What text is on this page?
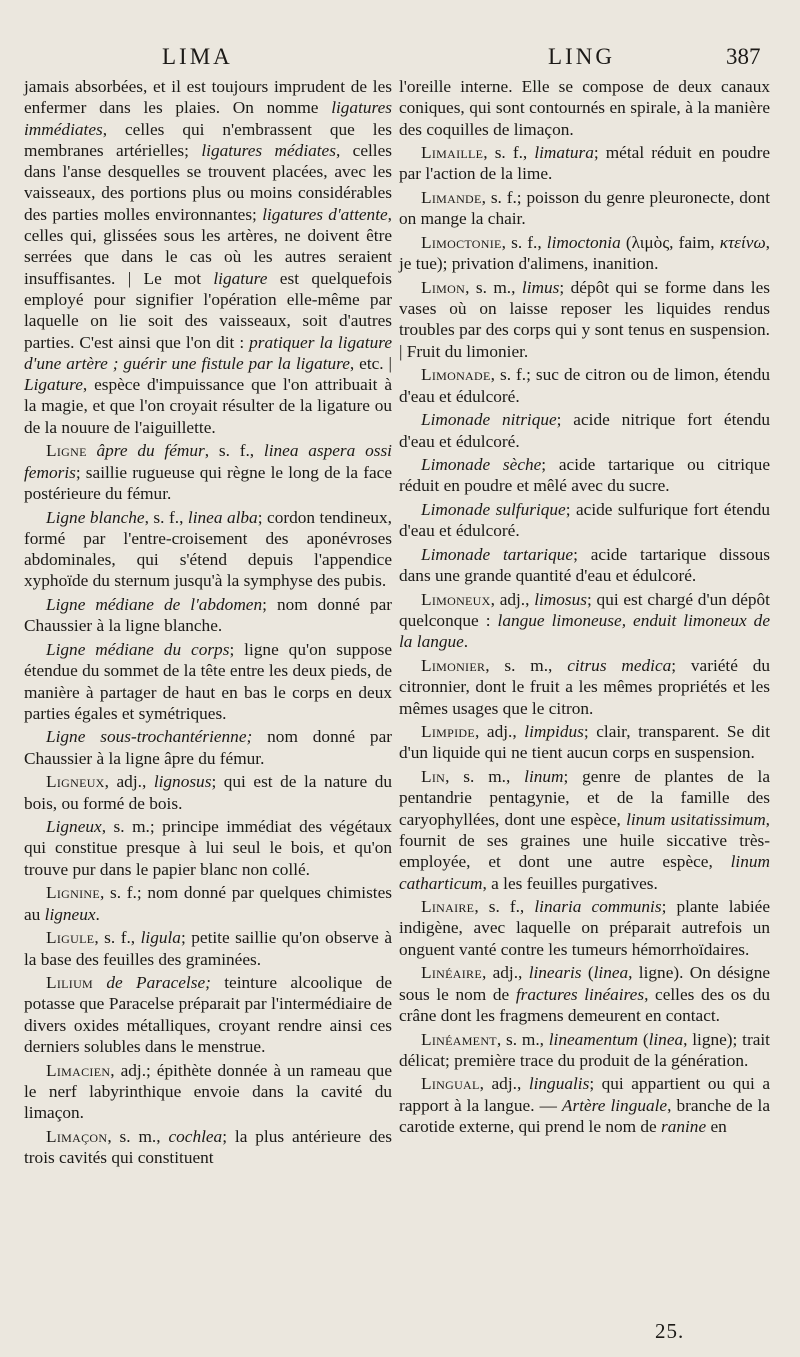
LIMA	LING	387

jamais absorbées, et il est toujours imprudent de les enfermer dans les plaies. On nomme ligatures immédiates, celles qui n'embrassent que les membranes artérielles; ligatures médiates, celles dans l'anse desquelles se trouvent placées, avec les vaisseaux, des portions plus ou moins considérables des parties molles environnantes; ligatures d'attente, celles qui, glissées sous les artères, ne doivent être serrées que dans le cas où les autres seraient insuffisantes. | Le mot ligature est quelquefois employé pour signifier l'opération elle-même par laquelle on lie soit des vaisseaux, soit d'autres parties. C'est ainsi que l'on dit : pratiquer la ligature d'une artère ; guérir une fistule par la ligature, etc. | Ligature, espèce d'impuissance que l'on attribuait à la magie, et que l'on croyait résulter de la ligature ou de la nouure de l'aiguillette.

Ligne âpre du fémur, s. f., linea aspera ossi femoris; saillie rugueuse qui règne le long de la face postérieure du fémur.

Ligne blanche, s. f., linea alba; cordon tendineux, formé par l'entre-croisement des aponévroses abdominales, qui s'étend depuis l'appendice xyphoïde du sternum jusqu'à la symphyse des pubis.

Ligne médiane de l'abdomen; nom donné par Chaussier à la ligne blanche.

Ligne médiane du corps; ligne qu'on suppose étendue du sommet de la tête entre les deux pieds, de manière à partager de haut en bas le corps en deux parties égales et symétriques.

Ligne sous-trochantérienne; nom donné par Chaussier à la ligne âpre du fémur.

Ligneux, adj., lignosus; qui est de la nature du bois, ou formé de bois.

Ligneux, s. m.; principe immédiat des végétaux qui constitue presque à lui seul le bois, et qu'on trouve pur dans le papier blanc non collé.

Lignine, s. f.; nom donné par quelques chimistes au ligneux.

Ligule, s. f., ligula; petite saillie qu'on observe à la base des feuilles des graminées.

Lilium de Paracelse; teinture alcoolique de potasse que Paracelse préparait par l'intermédiaire de divers oxides métalliques, croyant rendre ainsi ces derniers solubles dans le menstrue.

Limacien, adj.; épithète donnée à un rameau que le nerf labyrinthique envoie dans la cavité du limaçon.

Limaçon, s. m., cochlea; la plus antérieure des trois cavités qui constituent

l'oreille interne. Elle se compose de deux canaux coniques, qui sont contournés en spirale, à la manière des coquilles de limaçon.

Limaille, s. f., limatura; métal réduit en poudre par l'action de la lime.

Limande, s. f.; poisson du genre pleuronecte, dont on mange la chair.

Limoctonie, s. f., limoctonia (λιμὸς, faim, κτείνω, je tue); privation d'alimens, inanition.

Limon, s. m., limus; dépôt qui se forme dans les vases où on laisse reposer les liquides rendus troubles par des corps qui y sont tenus en suspension. | Fruit du limonier.

Limonade, s. f.; suc de citron ou de limon, étendu d'eau et édulcoré.

Limonade nitrique; acide nitrique fort étendu d'eau et édulcoré.

Limonade sèche; acide tartarique ou citrique réduit en poudre et mêlé avec du sucre.

Limonade sulfurique; acide sulfurique fort étendu d'eau et édulcoré.

Limonade tartarique; acide tartarique dissous dans une grande quantité d'eau et édulcoré.

Limoneux, adj., limosus; qui est chargé d'un dépôt quelconque : langue limoneuse, enduit limoneux de la langue.

Limonier, s. m., citrus medica; variété du citronnier, dont le fruit a les mêmes propriétés et les mêmes usages que le citron.

Limpide, adj., limpidus; clair, transparent. Se dit d'un liquide qui ne tient aucun corps en suspension.

Lin, s. m., linum; genre de plantes de la pentandrie pentagynie, et de la famille des caryophyllées, dont une espèce, linum usitatissimum, fournit de ses graines une huile siccative très-employée, et dont une autre espèce, linum catharticum, a les feuilles purgatives.

Linaire, s. f., linaria communis; plante labiée indigène, avec laquelle on préparait autrefois un onguent vanté contre les tumeurs hémorrhoïdaires.

Linéaire, adj., linearis (linea, ligne). On désigne sous le nom de fractures linéaires, celles des os du crâne dont les fragmens demeurent en contact.

Linéament, s. m., lineamentum (linea, ligne); trait délicat; première trace du produit de la génération.

Lingual, adj., lingualis; qui appartient ou qui a rapport à la langue. — Artère linguale, branche de la carotide externe, qui prend le nom de ranine en

25.
